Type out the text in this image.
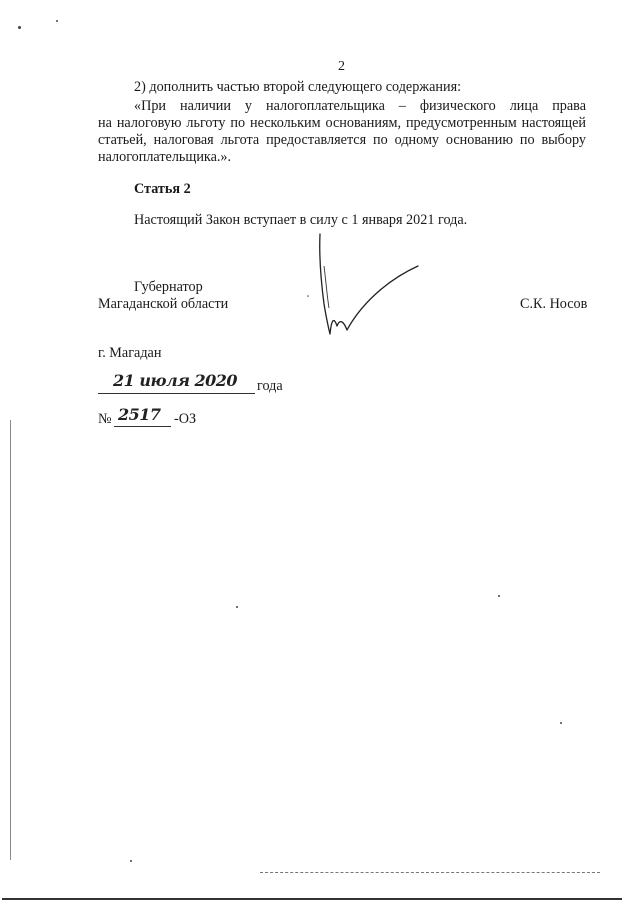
2
2) дополнить частью второй следующего содержания:
«При наличии у налогоплательщика – физического лица права
на налоговую льготу по нескольким основаниям, предусмотренным настоящей
статьей, налоговая льгота предоставляется по одному основанию по выбору
налогоплательщика.».
Статья 2
Настоящий Закон вступает в силу с 1 января 2021 года.
Губернатор
Магаданской области	С.К. Носов
г. Магадан
21 июля 2020 года
№ 2517 -ОЗ
